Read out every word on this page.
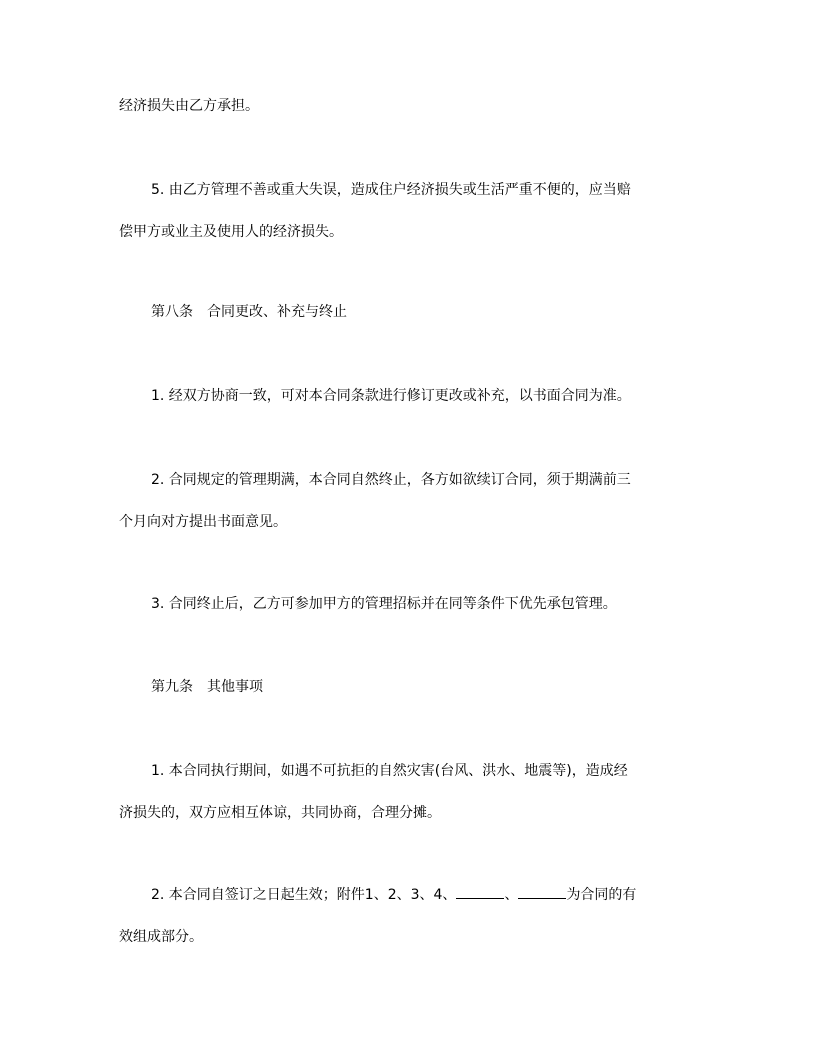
经济损失由乙方承担。

5. 由乙方管理不善或重大失误，造成住户经济损失或生活严重不便的，应当赔

偿甲方或业主及使用人的经济损失。

第八条　合同更改、补充与终止

1. 经双方协商一致，可对本合同条款进行修订更改或补充，以书面合同为准。

2. 合同规定的管理期满，本合同自然终止，各方如欲续订合同，须于期满前三

个月向对方提出书面意见。

3. 合同终止后，乙方可参加甲方的管理招标并在同等条件下优先承包管理。

第九条　其他事项

1. 本合同执行期间，如遇不可抗拒的自然灾害(台风、洪水、地震等)，造成经

济损失的，双方应相互体谅，共同协商，合理分摊。

2. 本合同自签订之日起生效；附件1、2、3、4、	、	为合同的有

效组成部分。
